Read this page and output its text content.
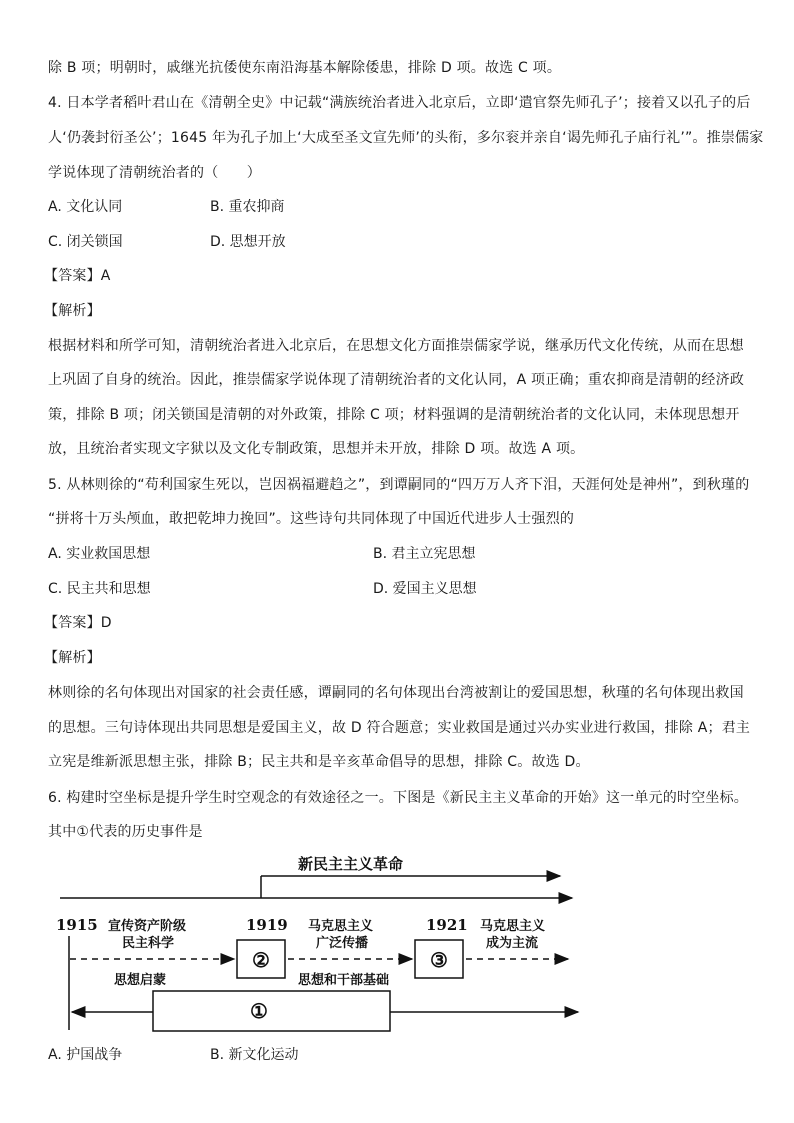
除 B 项；明朝时，戚继光抗倭使东南沿海基本解除倭患，排除 D 项。故选 C 项。
4. 日本学者稻叶君山在《清朝全史》中记载“满族统治者进入北京后，立即‘遣官祭先师孔子’；接着又以孔子的后
人‘仍袭封衍圣公’；1645 年为孔子加上‘大成至圣文宣先师’的头衔，多尔衮并亲自‘谒先师孔子庙行礼’”。推崇儒家
学说体现了清朝统治者的（　　）
A. 文化认同	B. 重农抑商
C. 闭关锁国	D. 思想开放
【答案】A
【解析】
根据材料和所学可知，清朝统治者进入北京后，在思想文化方面推崇儒家学说，继承历代文化传统，从而在思想
上巩固了自身的统治。因此，推崇儒家学说体现了清朝统治者的文化认同，A 项正确；重农抑商是清朝的经济政
策，排除 B 项；闭关锁国是清朝的对外政策，排除 C 项；材料强调的是清朝统治者的文化认同，未体现思想开
放，且统治者实现文字狱以及文化专制政策，思想并未开放，排除 D 项。故选 A 项。
5. 从林则徐的“苟利国家生死以，岂因祸福避趋之”，到谭嗣同的“四万万人齐下泪，天涯何处是神州”，到秋瑾的
“拼将十万头颅血，敢把乾坤力挽回”。这些诗句共同体现了中国近代进步人士强烈的
A. 实业救国思想	B. 君主立宪思想
C. 民主共和思想	D. 爱国主义思想
【答案】D
【解析】
林则徐的名句体现出对国家的社会责任感，谭嗣同的名句体现出台湾被割让的爱国思想，秋瑾的名句体现出救国
的思想。三句诗体现出共同思想是爱国主义，故 D 符合题意；实业救国是通过兴办实业进行救国，排除 A；君主
立宪是维新派思想主张，排除 B；民主共和是辛亥革命倡导的思想，排除 C。故选 D。
6. 构建时空坐标是提升学生时空观念的有效途径之一。下图是《新民主主义革命的开始》这一单元的时空坐标。
其中①代表的历史事件是
新民主主义革命
1915	1919	1921
宣传资产阶级
民主科学
马克思主义
广泛传播
马克思主义
成为主流
②	③
思想启蒙	思想和干部基础
①
A. 护国战争	B. 新文化运动
